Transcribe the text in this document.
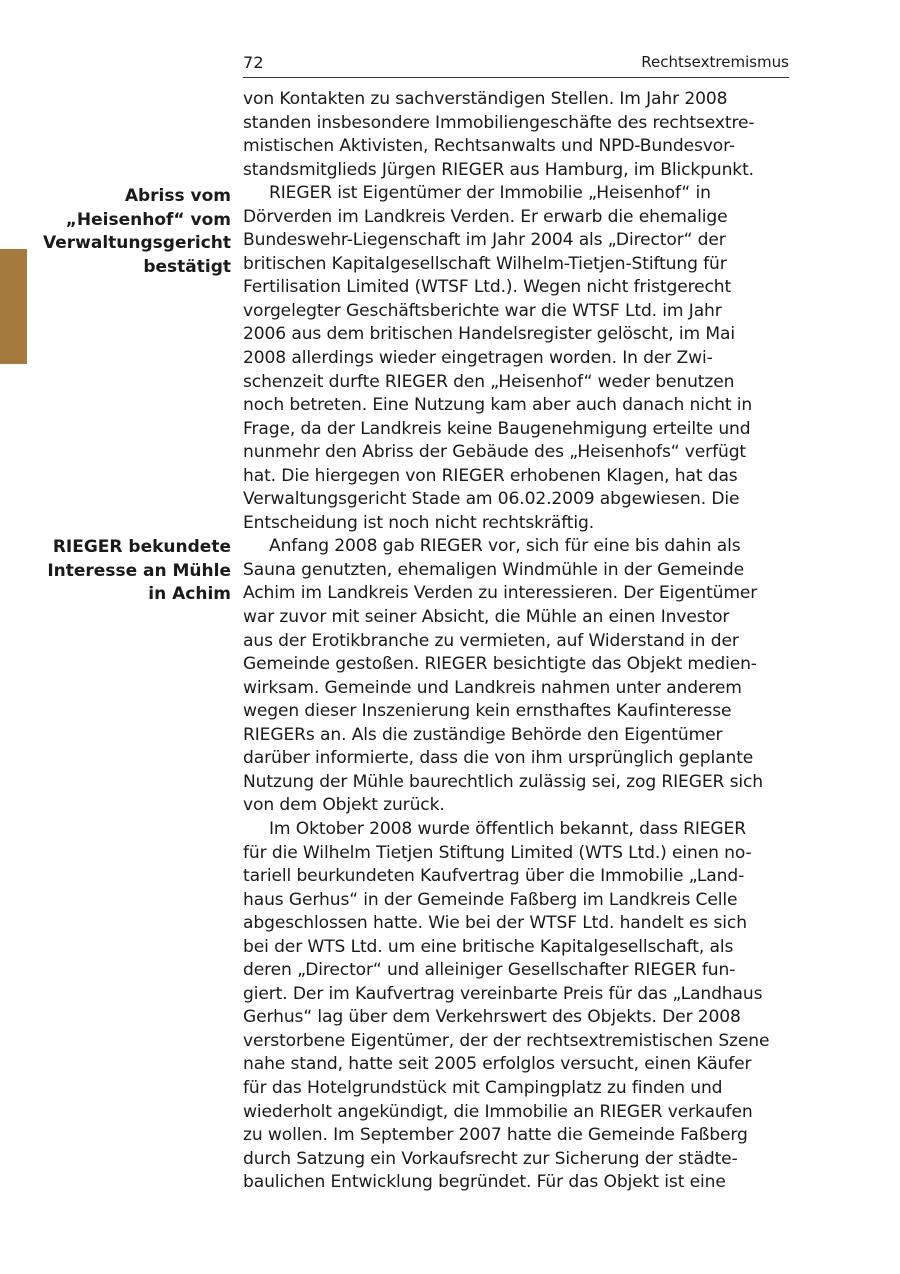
72	Rechtsextremismus
Abriss vom
„Heisenhof“ vom
Verwaltungsgericht
bestätigt
RIEGER bekundete
Interesse an Mühle
in Achim
von Kontakten zu sachverständigen Stellen. Im Jahr 2008
standen insbesondere Immobiliengeschäfte des rechtsextre-
mistischen Aktivisten, Rechtsanwalts und NPD-Bundesvor-
standsmitglieds Jürgen RIEGER aus Hamburg, im Blickpunkt.
RIEGER ist Eigentümer der Immobilie „Heisenhof“ in
Dörverden im Landkreis Verden. Er erwarb die ehemalige
Bundeswehr-Liegenschaft im Jahr 2004 als „Director“ der
britischen Kapitalgesellschaft Wilhelm-Tietjen-Stiftung für
Fertilisation Limited (WTSF Ltd.). Wegen nicht fristgerecht
vorgelegter Geschäftsberichte war die WTSF Ltd. im Jahr
2006 aus dem britischen Handelsregister gelöscht, im Mai
2008 allerdings wieder eingetragen worden. In der Zwi-
schenzeit durfte RIEGER den „Heisenhof“ weder benutzen
noch betreten. Eine Nutzung kam aber auch danach nicht in
Frage, da der Landkreis keine Baugenehmigung erteilte und
nunmehr den Abriss der Gebäude des „Heisenhofs“ verfügt
hat. Die hiergegen von RIEGER erhobenen Klagen, hat das
Verwaltungsgericht Stade am 06.02.2009 abgewiesen. Die
Entscheidung ist noch nicht rechtskräftig.
Anfang 2008 gab RIEGER vor, sich für eine bis dahin als
Sauna genutzten, ehemaligen Windmühle in der Gemeinde
Achim im Landkreis Verden zu interessieren. Der Eigentümer
war zuvor mit seiner Absicht, die Mühle an einen Investor
aus der Erotikbranche zu vermieten, auf Widerstand in der
Gemeinde gestoßen. RIEGER besichtigte das Objekt medien-
wirksam. Gemeinde und Landkreis nahmen unter anderem
wegen dieser Inszenierung kein ernsthaftes Kaufinteresse
RIEGERs an. Als die zuständige Behörde den Eigentümer
darüber informierte, dass die von ihm ursprünglich geplante
Nutzung der Mühle baurechtlich zulässig sei, zog RIEGER sich
von dem Objekt zurück.
Im Oktober 2008 wurde öffentlich bekannt, dass RIEGER
für die Wilhelm Tietjen Stiftung Limited (WTS Ltd.) einen no-
tariell beurkundeten Kaufvertrag über die Immobilie „Land-
haus Gerhus“ in der Gemeinde Faßberg im Landkreis Celle
abgeschlossen hatte. Wie bei der WTSF Ltd. handelt es sich
bei der WTS Ltd. um eine britische Kapitalgesellschaft, als
deren „Director“ und alleiniger Gesellschafter RIEGER fun-
giert. Der im Kaufvertrag vereinbarte Preis für das „Landhaus
Gerhus“ lag über dem Verkehrswert des Objekts. Der 2008
verstorbene Eigentümer, der der rechtsextremistischen Szene
nahe stand, hatte seit 2005 erfolglos versucht, einen Käufer
für das Hotelgrundstück mit Campingplatz zu finden und
wiederholt angekündigt, die Immobilie an RIEGER verkaufen
zu wollen. Im September 2007 hatte die Gemeinde Faßberg
durch Satzung ein Vorkaufsrecht zur Sicherung der städte-
baulichen Entwicklung begründet. Für das Objekt ist eine
